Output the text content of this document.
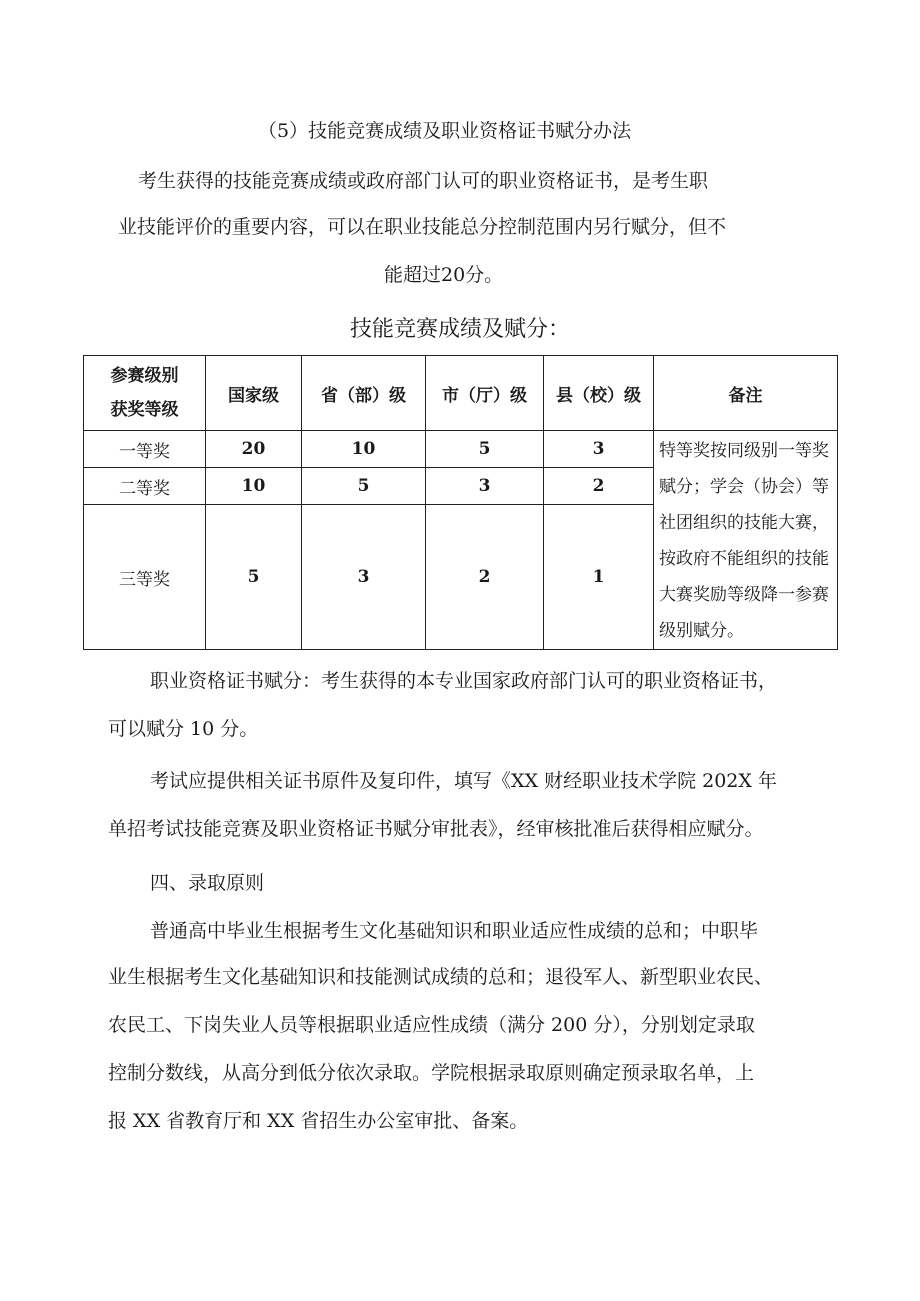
（5）技能竞赛成绩及职业资格证书赋分办法
考生获得的技能竞赛成绩或政府部门认可的职业资格证书，是考生职
业技能评价的重要内容，可以在职业技能总分控制范围内另行赋分，但不
能超过20分。
技能竞赛成绩及赋分：
参赛级别
获奖等级	国家级	省（部）级	市（厅）级	县（校）级	备注
一等奖	20	10	5	3	特等奖按同级别一等奖赋分；学会（协会）等社团组织的技能大赛，按政府不能组织的技能大赛奖励等级降一参赛级别赋分。
二等奖	10	5	3	2	
三等奖	5	3	2	1	
职业资格证书赋分：考生获得的本专业国家政府部门认可的职业资格证书，
可以赋分 10 分。
考试应提供相关证书原件及复印件，填写《XX 财经职业技术学院 202X 年
单招考试技能竞赛及职业资格证书赋分审批表》，经审核批准后获得相应赋分。
四、录取原则
普通高中毕业生根据考生文化基础知识和职业适应性成绩的总和；中职毕
业生根据考生文化基础知识和技能测试成绩的总和；退役军人、新型职业农民、
农民工、下岗失业人员等根据职业适应性成绩（满分 200 分），分别划定录取
控制分数线，从高分到低分依次录取。学院根据录取原则确定预录取名单，上
报 XX 省教育厅和 XX 省招生办公室审批、备案。
